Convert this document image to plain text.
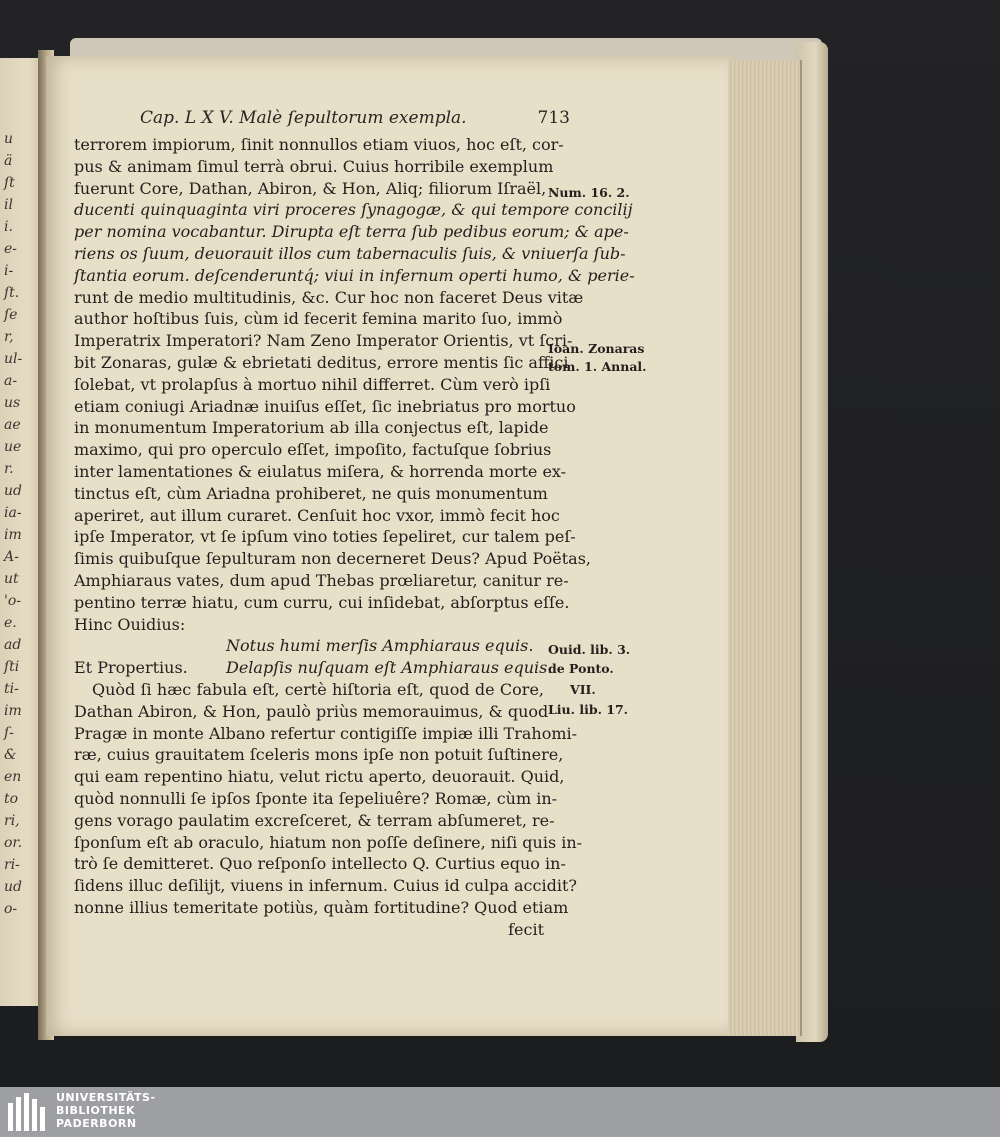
u
ä
ſt
il
i.
e-
i-
ſt.
ſe
r,
ul-
a-
us
ae
ue
r.
ud
ia-
im
A-
ut
'o-
e.
ad
ſti
ti-
im
ſ-
&
en
to
ri,
or.
ri-
ud
o-
Cap. L X V. Malè ſepultorum exempla.	713
terrorem impiorum, ſinit nonnullos etiam viuos, hoc eſt, cor-
pus & animam ſimul terrà obrui. Cuius horribile exemplum
fuerunt Core, Dathan, Abiron, & Hon, Aliq; filiorum Iſraël,
ducenti quinquaginta viri proceres ſynagogæ, & qui tempore concilij
per nomina vocabantur. Dirupta eſt terra ſub pedibus eorum; & ape-
riens os ſuum, deuorauit illos cum tabernaculis ſuis, & vniuerſa ſub-
ſtantia eorum. deſcenderuntq́; viui in infernum operti humo, & perie-
runt de medio multitudinis, &c. Cur hoc non faceret Deus vitæ
author hoſtibus ſuis, cùm id fecerit femina marito ſuo, immò
Imperatrix Imperatori? Nam Zeno Imperator Orientis, vt ſcri-
bit Zonaras, gulæ & ebrietati deditus, errore mentis ſic affici
ſolebat, vt prolapſus à mortuo nihil differret. Cùm verò ipſi
etiam coniugi Ariadnæ inuiſus eſſet, ſic inebriatus pro mortuo
in monumentum Imperatorium ab illa conjectus eſt, lapide
maximo, qui pro operculo eſſet, impoſito, factuſque ſobrius
inter lamentationes & eiulatus miſera, & horrenda morte ex-
tinctus eſt, cùm Ariadna prohiberet, ne quis monumentum
aperiret, aut illum curaret. Cenſuit hoc vxor, immò fecit hoc
ipſe Imperator, vt ſe ipſum vino toties ſepeliret, cur talem peſ-
ſimis quibuſque ſepulturam non decerneret Deus? Apud Poëtas,
Amphiaraus vates, dum apud Thebas prœliaretur, canitur re-
pentino terræ hiatu, cum curru, cui inſidebat, abſorptus eſſe.
Hinc Ouidius:
Notus humi merſis Amphiaraus equis.
Et Propertius. Delapſis nuſquam eſt Amphiaraus equis.
Quòd ſi hæc fabula eſt, certè hiſtoria eſt, quod de Core,
Dathan Abiron, & Hon, paulò priùs memorauimus, & quod
Pragæ in monte Albano refertur contigiſſe impiæ illi Trahomi-
ræ, cuius grauitatem ſceleris mons ipſe non potuit ſuſtinere,
qui eam repentino hiatu, velut rictu aperto, deuorauit. Quid,
quòd nonnulli ſe ipſos ſponte ita ſepeliuêre? Romæ, cùm in-
gens vorago paulatim excreſceret, & terram abſumeret, re-
ſponſum eſt ab oraculo, hiatum non poſſe deſinere, niſi quis in-
trò ſe demitteret. Quo reſponſo intellecto Q. Curtius equo in-
ſidens illuc deſilijt, viuens in infernum. Cuius id culpa accidit?
nonne illius temeritate potiùs, quàm fortitudine? Quod etiam
fecit
Num. 16. 2.
Ioan. Zonaras
tom. 1. Annal.
Ouid. lib. 3.
de Ponto.
VII.
Liu. lib. 17.
UNIVERSITÄTS-
BIBLIOTHEK
PADERBORN
